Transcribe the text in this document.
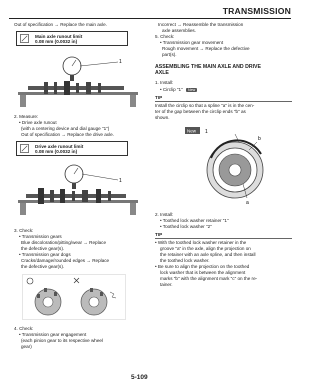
TRANSMISSION
Out of specification → Replace the main axle.
Main axle runout limit
0.08 mm (0.0032 in)
1
2. Measure:
• Drive axle runout
(with a centering device and dial gauge "1")
Out of specification → Replace the drive axle.
Drive axle runout limit
0.08 mm (0.0032 in)
1
3. Check:
• Transmission gears
Blue discoloration/pitting/wear → Replace
the defective gear(s).
• Transmission gear dogs
Cracks/damage/rounded edges → Replace
the defective gear(s).
4. Check:
• Transmission gear engagement
(each pinion gear to its respective wheel
gear)
Incorrect → Reassemble the transmission
axle assemblies.
5. Check:
• Transmission gear movement
Rough movement → Replace the defective
part(s).
ASSEMBLING THE MAIN AXLE AND DRIVE
AXLE
1. Install:
• Circlip "1" New
TIP
Install the circlip so that a spline "a" is in the cen-
ter of the gap between the circlip ends "b" as
shown.
New 1
b
a
2. Install:
• Toothed lock washer retainer "1"
• Toothed lock washer "2"
TIP
• With the toothed lock washer retainer in the
groove "a" in the axle, align the projection on
the retainer with an axle spline, and then install
the toothed lock washer.
• Be sure to align the projection on the toothed
lock washer that is between the alignment
marks "b" with the alignment mark "c" on the re-
tainer.
5-109
